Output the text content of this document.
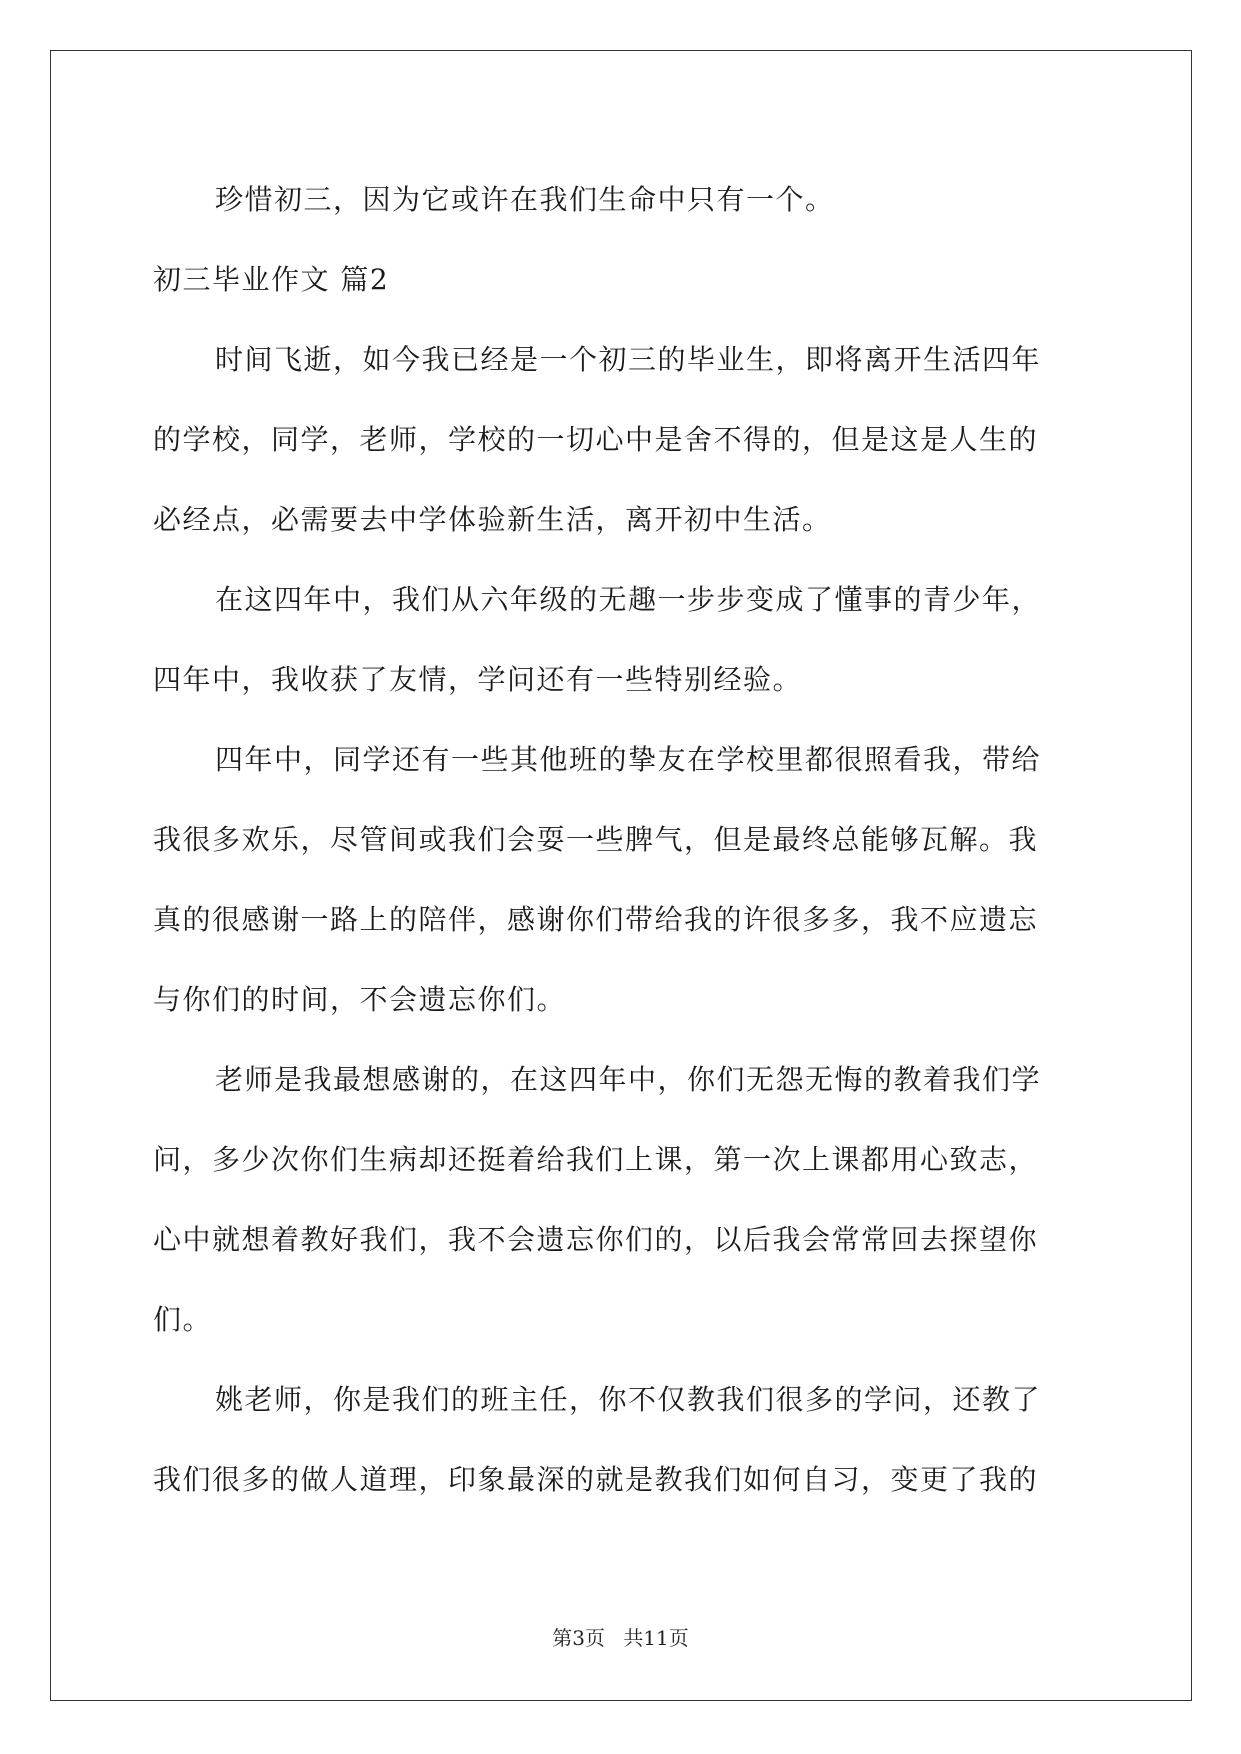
珍惜初三，因为它或许在我们生命中只有一个。
初三毕业作文 篇2
时间飞逝，如今我已经是一个初三的毕业生，即将离开生活四年
的学校，同学，老师，学校的一切心中是舍不得的，但是这是人生的
必经点，必需要去中学体验新生活，离开初中生活。
在这四年中，我们从六年级的无趣一步步变成了懂事的青少年，
四年中，我收获了友情，学问还有一些特别经验。
四年中，同学还有一些其他班的挚友在学校里都很照看我，带给
我很多欢乐，尽管间或我们会耍一些脾气，但是最终总能够瓦解。我
真的很感谢一路上的陪伴，感谢你们带给我的许很多多，我不应遗忘
与你们的时间，不会遗忘你们。
老师是我最想感谢的，在这四年中，你们无怨无悔的教着我们学
问，多少次你们生病却还挺着给我们上课，第一次上课都用心致志，
心中就想着教好我们，我不会遗忘你们的，以后我会常常回去探望你
们。
姚老师，你是我们的班主任，你不仅教我们很多的学问，还教了
我们很多的做人道理，印象最深的就是教我们如何自习，变更了我的
第3页 共11页
